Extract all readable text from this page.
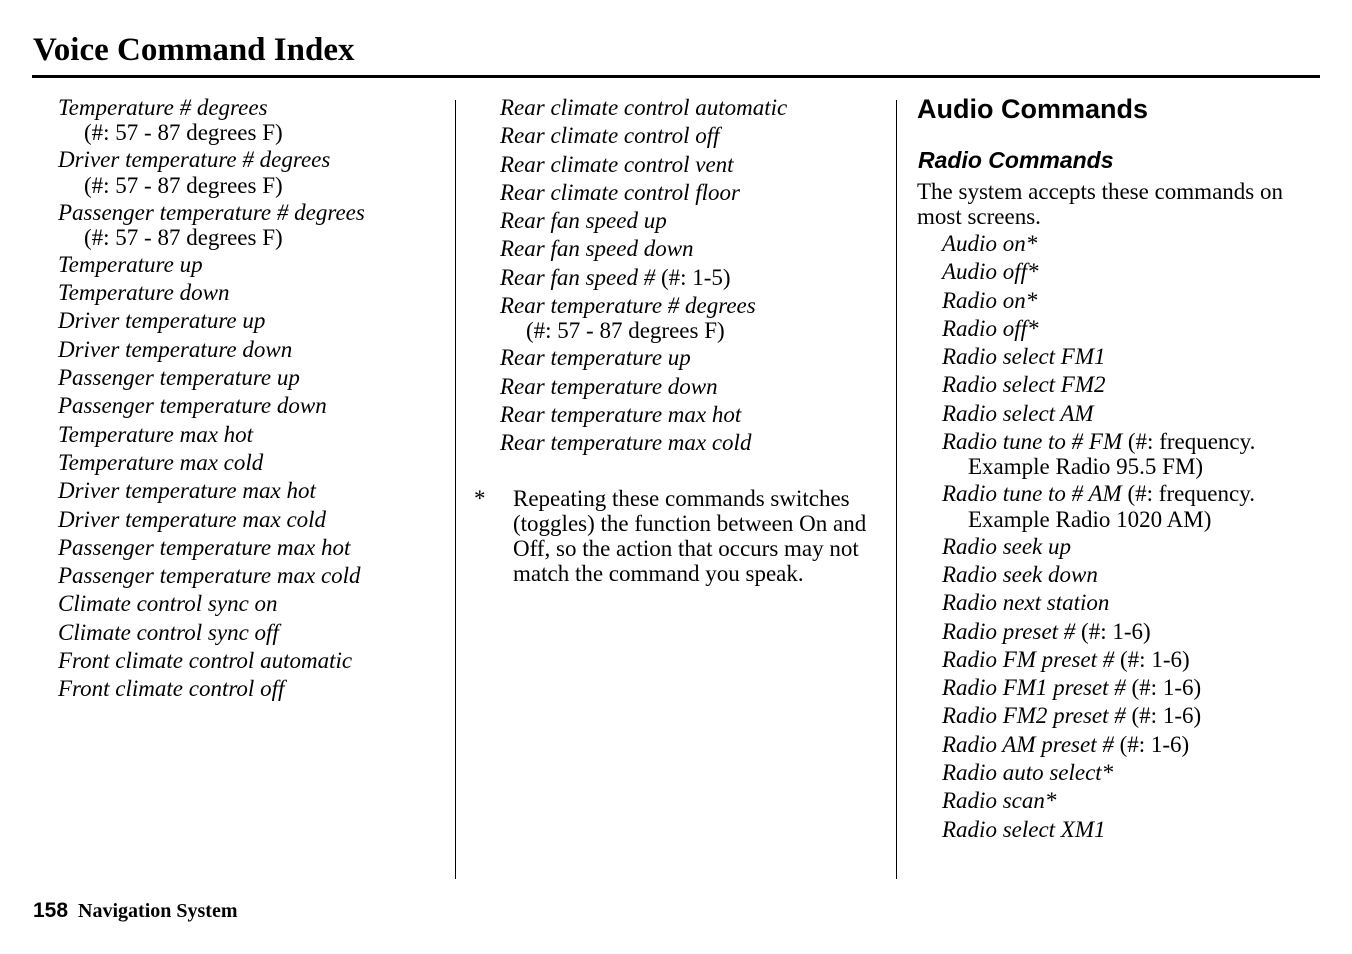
Voice Command Index
Temperature # degrees
(#: 57 - 87 degrees F)
Driver temperature # degrees
(#: 57 - 87 degrees F)
Passenger temperature # degrees
(#: 57 - 87 degrees F)
Temperature up
Temperature down
Driver temperature up
Driver temperature down
Passenger temperature up
Passenger temperature down
Temperature max hot
Temperature max cold
Driver temperature max hot
Driver temperature max cold
Passenger temperature max hot
Passenger temperature max cold
Climate control sync on
Climate control sync off
Front climate control automatic
Front climate control off
Rear climate control automatic
Rear climate control off
Rear climate control vent
Rear climate control floor
Rear fan speed up
Rear fan speed down
Rear fan speed # (#: 1-5)
Rear temperature # degrees
(#: 57 - 87 degrees F)
Rear temperature up
Rear temperature down
Rear temperature max hot
Rear temperature max cold
* Repeating these commands switches (toggles) the function between On and Off, so the action that occurs may not match the command you speak.
Audio Commands
Radio Commands
The system accepts these commands on most screens.
Audio on*
Audio off*
Radio on*
Radio off*
Radio select FM1
Radio select FM2
Radio select AM
Radio tune to # FM (#: frequency.
Example Radio 95.5 FM)
Radio tune to # AM (#: frequency.
Example Radio 1020 AM)
Radio seek up
Radio seek down
Radio next station
Radio preset # (#: 1-6)
Radio FM preset # (#: 1-6)
Radio FM1 preset # (#: 1-6)
Radio FM2 preset # (#: 1-6)
Radio AM preset # (#: 1-6)
Radio auto select*
Radio scan*
Radio select XM1
158 Navigation System
